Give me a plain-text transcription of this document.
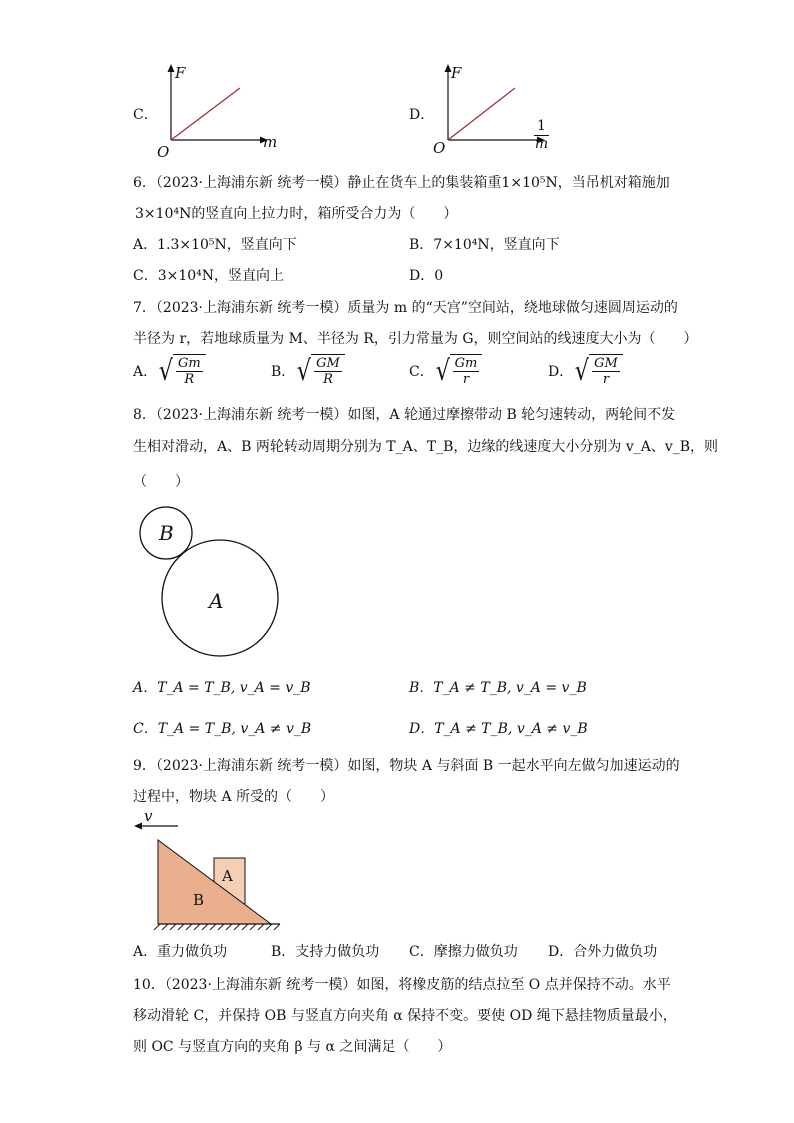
C．
F
m
O
D．
F
$\frac{1}{m}$
O
6．（2023·上海浦东新 统考一模）静止在货车上的集装箱重1×10⁵N，当吊机对箱施加
3×10⁴N的竖直向上拉力时，箱所受合力为（　　）
A．1.3×10⁵N，竖直向下	B．7×10⁴N，竖直向下
C．3×10⁴N，竖直向上	D．0
7．（2023·上海浦东新 统考一模）质量为 m 的“天宫”空间站，绕地球做匀速圆周运动的
半径为 r，若地球质量为 M、半径为 R，引力常量为 G，则空间站的线速度大小为（　　）
A． √ $\frac{Gm}{R}$	B． √ $\frac{GM}{R}$	C． √ $\frac{Gm}{r}$	D． √ $\frac{GM}{r}$
8．（2023·上海浦东新 统考一模）如图，A 轮通过摩擦带动 B 轮匀速转动，两轮间不发
生相对滑动，A、B 两轮转动周期分别为 T_A、T_B，边缘的线速度大小分别为 v_A、v_B，则
（　　）
B
A
A．T_A = T_B, v_A = v_B	B．T_A ≠ T_B, v_A = v_B
C．T_A = T_B, v_A ≠ v_B	D．T_A ≠ T_B, v_A ≠ v_B
9．（2023·上海浦东新 统考一模）如图，物块 A 与斜面 B 一起水平向左做匀加速运动的
过程中，物块 A 所受的（　　）
v
A
B
A．重力做负功	B．支持力做负功 C．摩擦力做负功 D．合外力做负功
10．（2023·上海浦东新 统考一模）如图，将橡皮筋的结点拉至 O 点并保持不动。水平
移动滑轮 C，并保持 OB 与竖直方向夹角 α 保持不变。要使 OD 绳下悬挂物质量最小，
则 OC 与竖直方向的夹角 β 与 α 之间满足（　　）
